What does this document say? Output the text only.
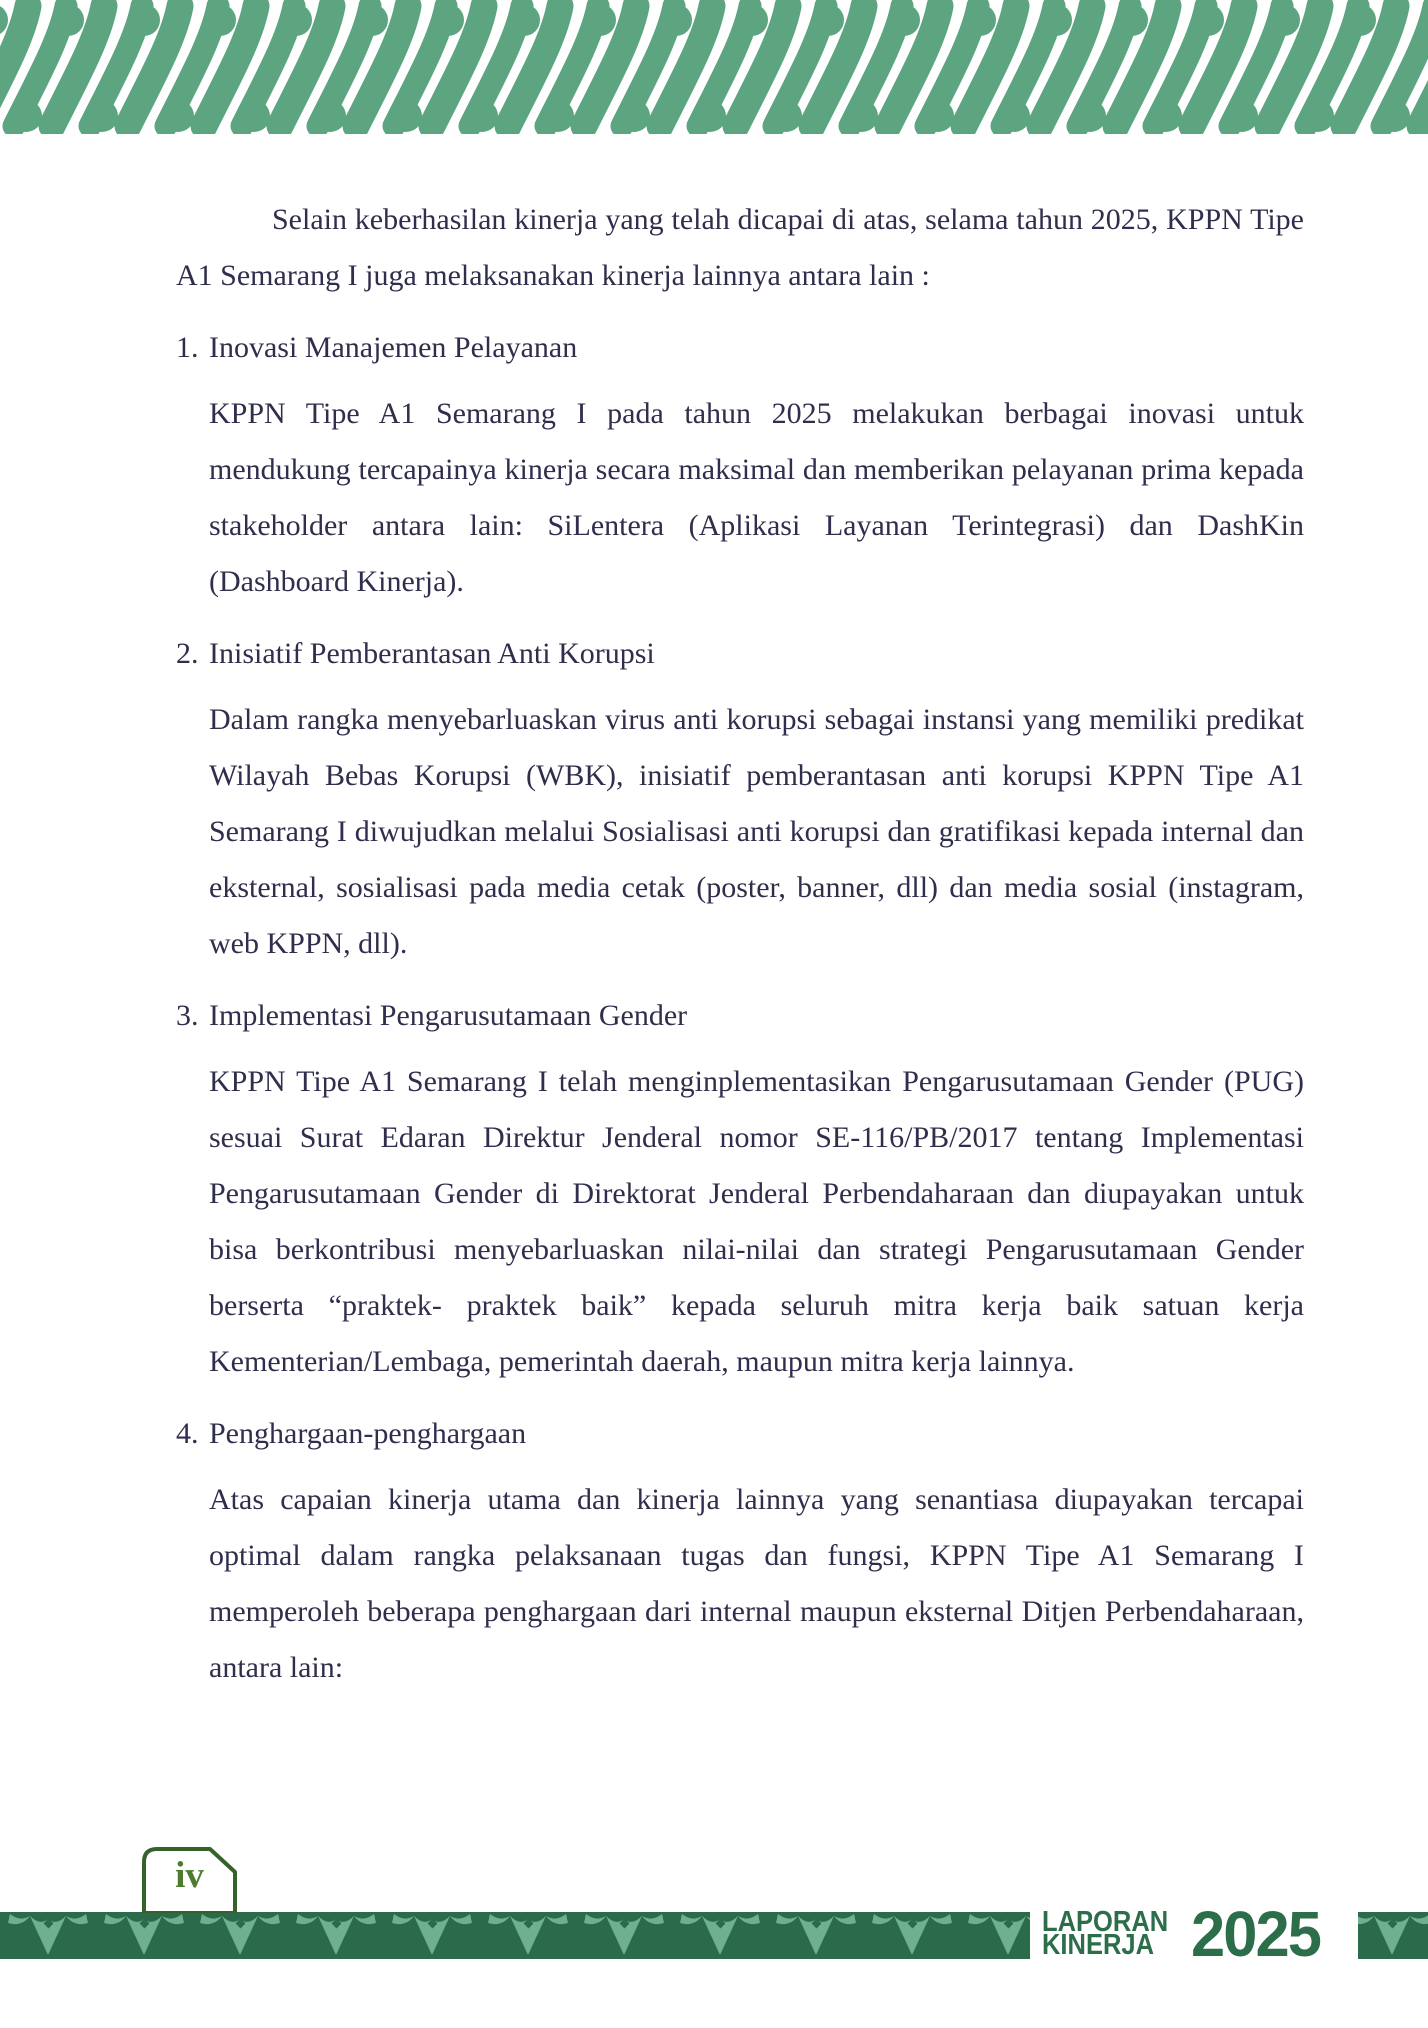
Selain keberhasilan kinerja yang telah dicapai di atas, selama tahun 2025, KPPN Tipe A1 Semarang I juga melaksanakan kinerja lainnya antara lain :

1. Inovasi Manajemen Pelayanan

KPPN Tipe A1 Semarang I pada tahun 2025 melakukan berbagai inovasi untuk mendukung tercapainya kinerja secara maksimal dan memberikan pelayanan prima kepada stakeholder antara lain: SiLentera (Aplikasi Layanan Terintegrasi) dan DashKin (Dashboard Kinerja).

2. Inisiatif Pemberantasan Anti Korupsi

Dalam rangka menyebarluaskan virus anti korupsi sebagai instansi yang memiliki predikat Wilayah Bebas Korupsi (WBK), inisiatif pemberantasan anti korupsi KPPN Tipe A1 Semarang I diwujudkan melalui Sosialisasi anti korupsi dan gratifikasi kepada internal dan eksternal, sosialisasi pada media cetak (poster, banner, dll) dan media sosial (instagram, web KPPN, dll).

3. Implementasi Pengarusutamaan Gender

KPPN Tipe A1 Semarang I telah menginplementasikan Pengarusutamaan Gender (PUG) sesuai Surat Edaran Direktur Jenderal nomor SE-116/PB/2017 tentang Implementasi Pengarusutamaan Gender di Direktorat Jenderal Perbendaharaan dan diupayakan untuk bisa berkontribusi menyebarluaskan nilai-nilai dan strategi Pengarusutamaan Gender berserta “praktek- praktek baik” kepada seluruh mitra kerja baik satuan kerja Kementerian/Lembaga, pemerintah daerah, maupun mitra kerja lainnya.

4. Penghargaan-penghargaan

Atas capaian kinerja utama dan kinerja lainnya yang senantiasa diupayakan tercapai optimal dalam rangka pelaksanaan tugas dan fungsi, KPPN Tipe A1 Semarang I memperoleh beberapa penghargaan dari internal maupun eksternal Ditjen Perbendaharaan, antara lain:

LAPORAN
KINERJA 2025
iv
